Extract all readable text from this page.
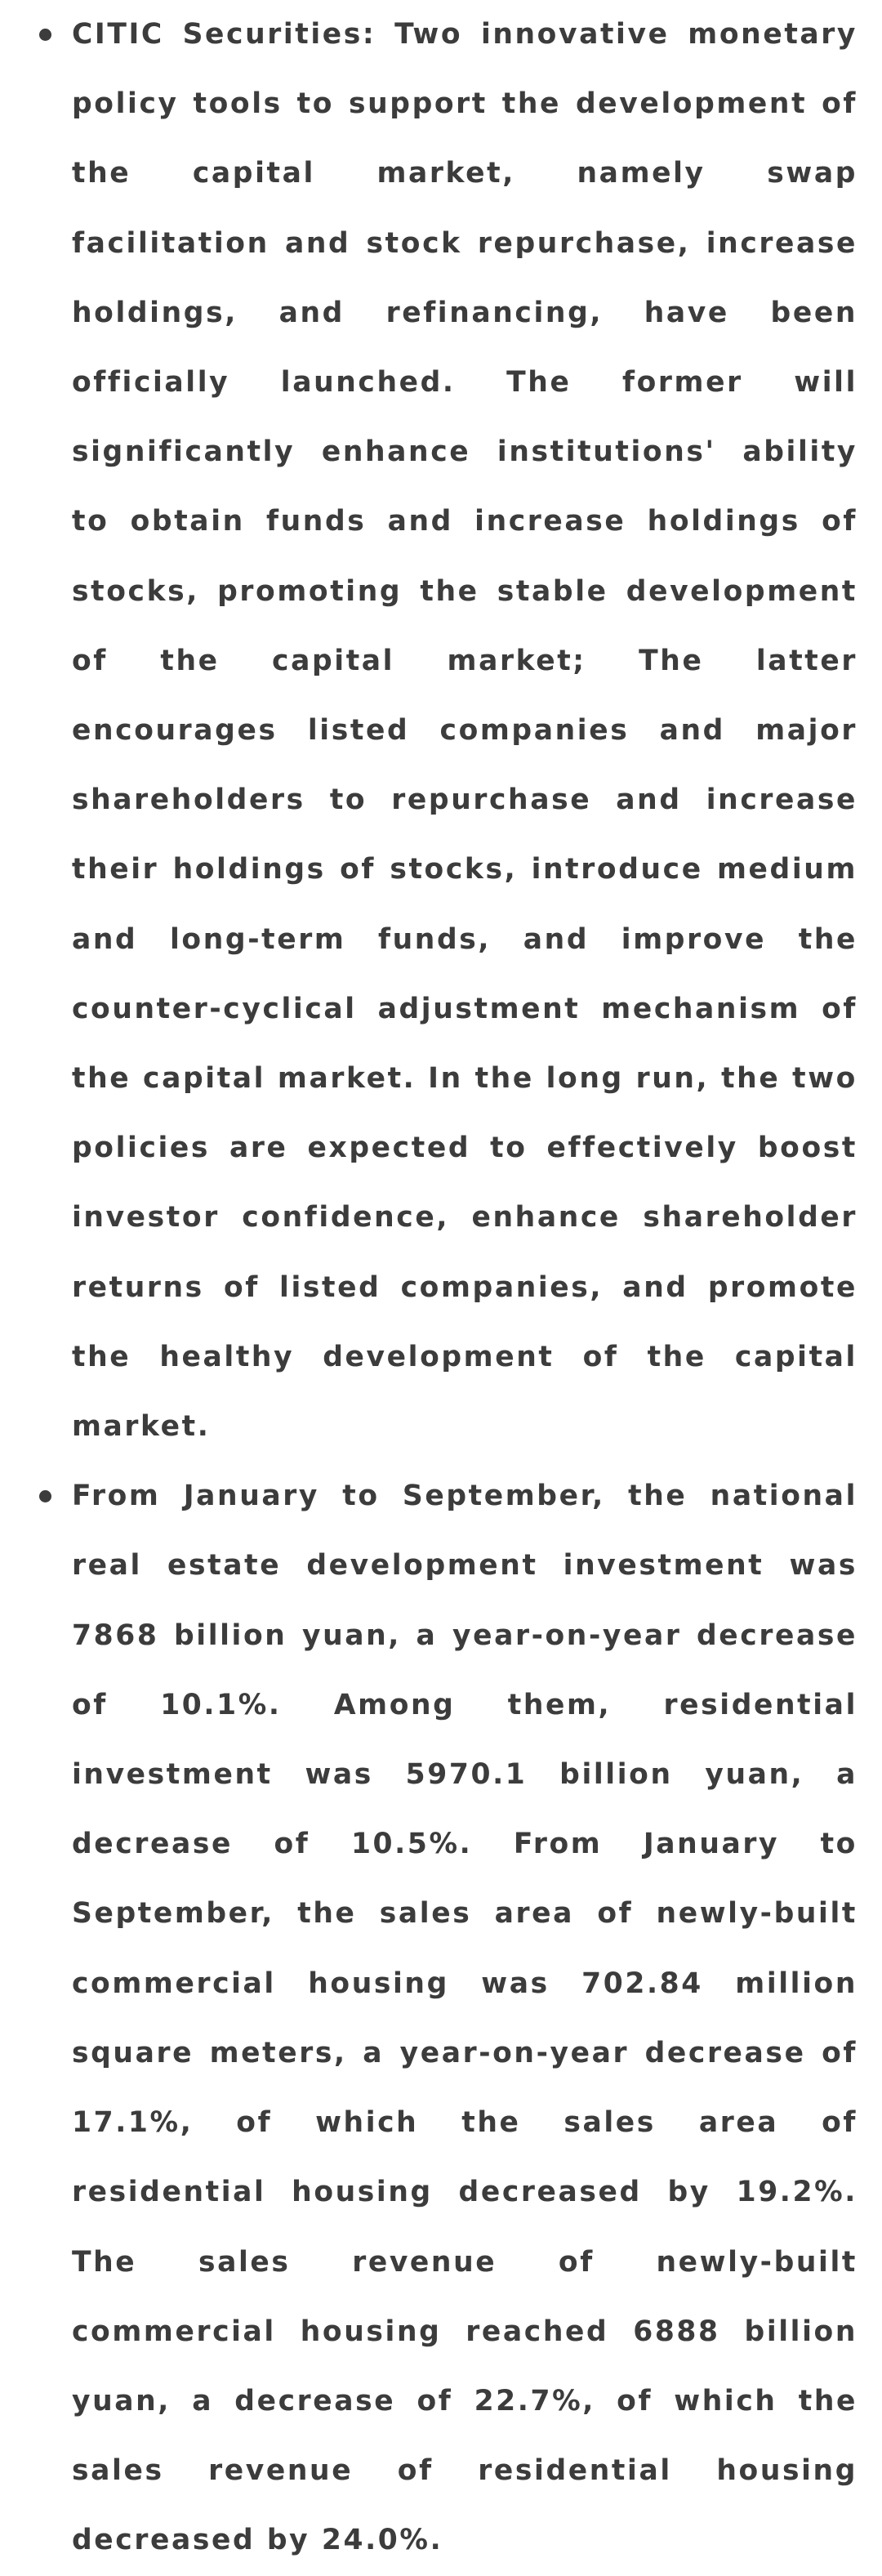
CITIC Securities: Two innovative monetary policy tools to support the development of the capital market, namely swap facilitation and stock repurchase, increase holdings, and refinancing, have been officially launched. The former will significantly enhance institutions' ability to obtain funds and increase holdings of stocks, promoting the stable development of the capital market; The latter encourages listed companies and major shareholders to repurchase and increase their holdings of stocks, introduce medium and long-term funds, and improve the counter-cyclical adjustment mechanism of the capital market. In the long run, the two policies are expected to effectively boost investor confidence, enhance shareholder returns of listed companies, and promote the healthy development of the capital market.
From January to September, the national real estate development investment was 7868 billion yuan, a year-on-year decrease of 10.1%. Among them, residential investment was 5970.1 billion yuan, a decrease of 10.5%. From January to September, the sales area of newly-built commercial housing was 702.84 million square meters, a year-on-year decrease of 17.1%, of which the sales area of residential housing decreased by 19.2%. The sales revenue of newly-built commercial housing reached 6888 billion yuan, a decrease of 22.7%, of which the sales revenue of residential housing decreased by 24.0%.
